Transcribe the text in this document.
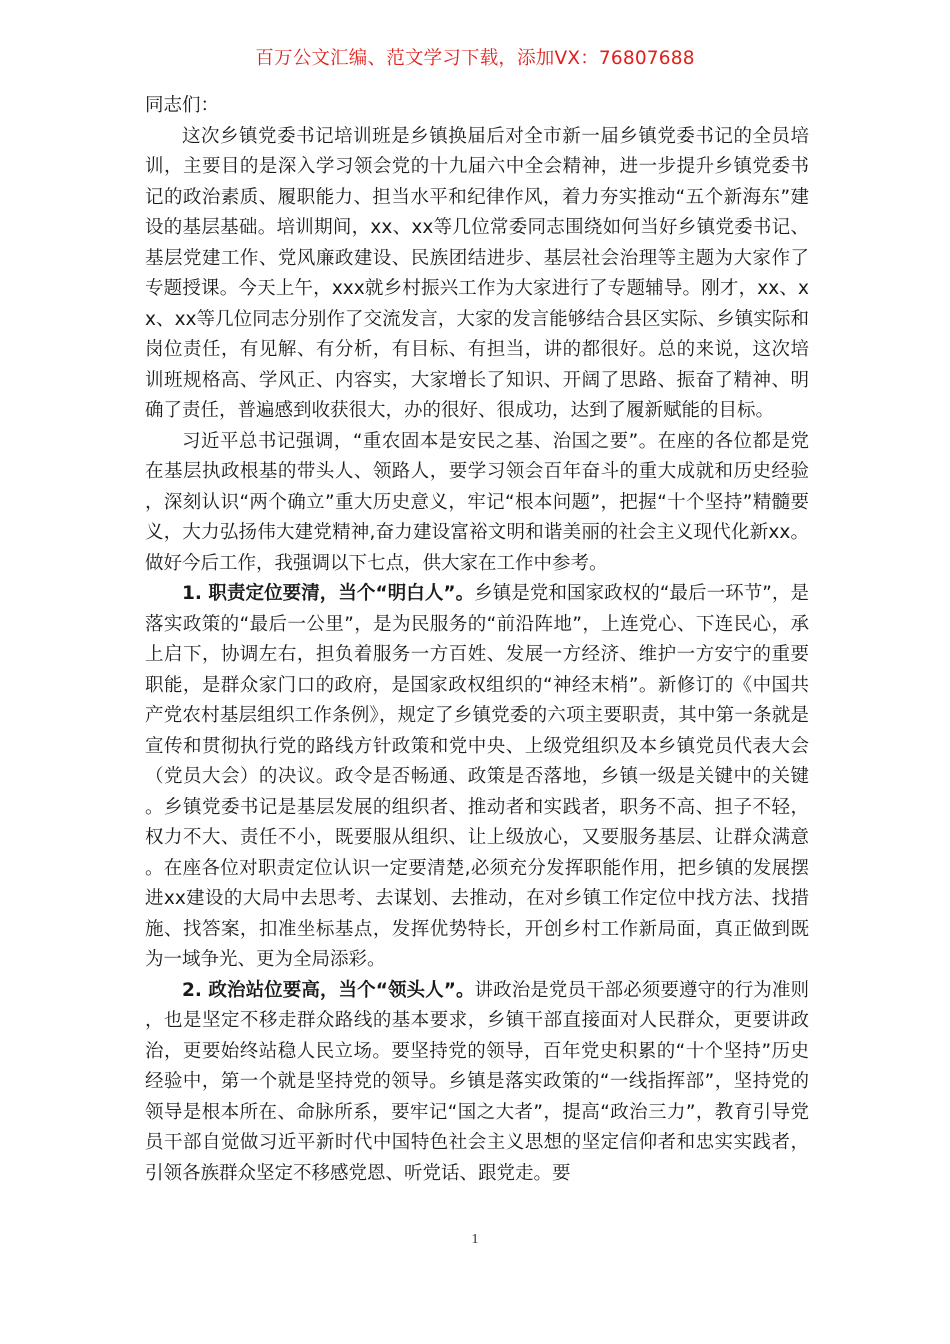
百万公文汇编、范文学习下载，添加VX：76807688

同志们：

这次乡镇党委书记培训班是乡镇换届后对全市新一届乡镇党委书记的全员培训，主要目的是深入学习领会党的十九届六中全会精神，进一步提升乡镇党委书记的政治素质、履职能力、担当水平和纪律作风，着力夯实推动“五个新海东”建设的基层基础。培训期间，xx、xx等几位常委同志围绕如何当好乡镇党委书记、基层党建工作、党风廉政建设、民族团结进步、基层社会治理等主题为大家作了专题授课。今天上午，xxx就乡村振兴工作为大家进行了专题辅导。刚才，xx、xx、xx等几位同志分别作了交流发言，大家的发言能够结合县区实际、乡镇实际和岗位责任，有见解、有分析，有目标、有担当，讲的都很好。总的来说，这次培训班规格高、学风正、内容实，大家增长了知识、开阔了思路、振奋了精神、明确了责任，普遍感到收获很大，办的很好、很成功，达到了履新赋能的目标。

习近平总书记强调，“重农固本是安民之基、治国之要”。在座的各位都是党在基层执政根基的带头人、领路人，要学习领会百年奋斗的重大成就和历史经验，深刻认识“两个确立”重大历史意义，牢记“根本问题”，把握“十个坚持”精髓要义，大力弘扬伟大建党精神,奋力建设富裕文明和谐美丽的社会主义现代化新xx。做好今后工作，我强调以下七点，供大家在工作中参考。

1. 职责定位要清，当个“明白人”。乡镇是党和国家政权的“最后一环节”，是落实政策的“最后一公里”，是为民服务的“前沿阵地”，上连党心、下连民心，承上启下，协调左右，担负着服务一方百姓、发展一方经济、维护一方安宁的重要职能，是群众家门口的政府，是国家政权组织的“神经末梢”。新修订的《中国共产党农村基层组织工作条例》，规定了乡镇党委的六项主要职责，其中第一条就是宣传和贯彻执行党的路线方针政策和党中央、上级党组织及本乡镇党员代表大会（党员大会）的决议。政令是否畅通、政策是否落地，乡镇一级是关键中的关键。乡镇党委书记是基层发展的组织者、推动者和实践者，职务不高、担子不轻，权力不大、责任不小，既要服从组织、让上级放心，又要服务基层、让群众满意。在座各位对职责定位认识一定要清楚,必须充分发挥职能作用，把乡镇的发展摆进xx建设的大局中去思考、去谋划、去推动，在对乡镇工作定位中找方法、找措施、找答案，扣准坐标基点，发挥优势特长，开创乡村工作新局面，真正做到既为一域争光、更为全局添彩。

2. 政治站位要高，当个“领头人”。讲政治是党员干部必须要遵守的行为准则，也是坚定不移走群众路线的基本要求，乡镇干部直接面对人民群众，更要讲政治，更要始终站稳人民立场。要坚持党的领导，百年党史积累的“十个坚持”历史经验中，第一个就是坚持党的领导。乡镇是落实政策的“一线指挥部”，坚持党的领导是根本所在、命脉所系，要牢记“国之大者”，提高“政治三力”，教育引导党员干部自觉做习近平新时代中国特色社会主义思想的坚定信仰者和忠实实践者，引领各族群众坚定不移感党恩、听党话、跟党走。要

1
